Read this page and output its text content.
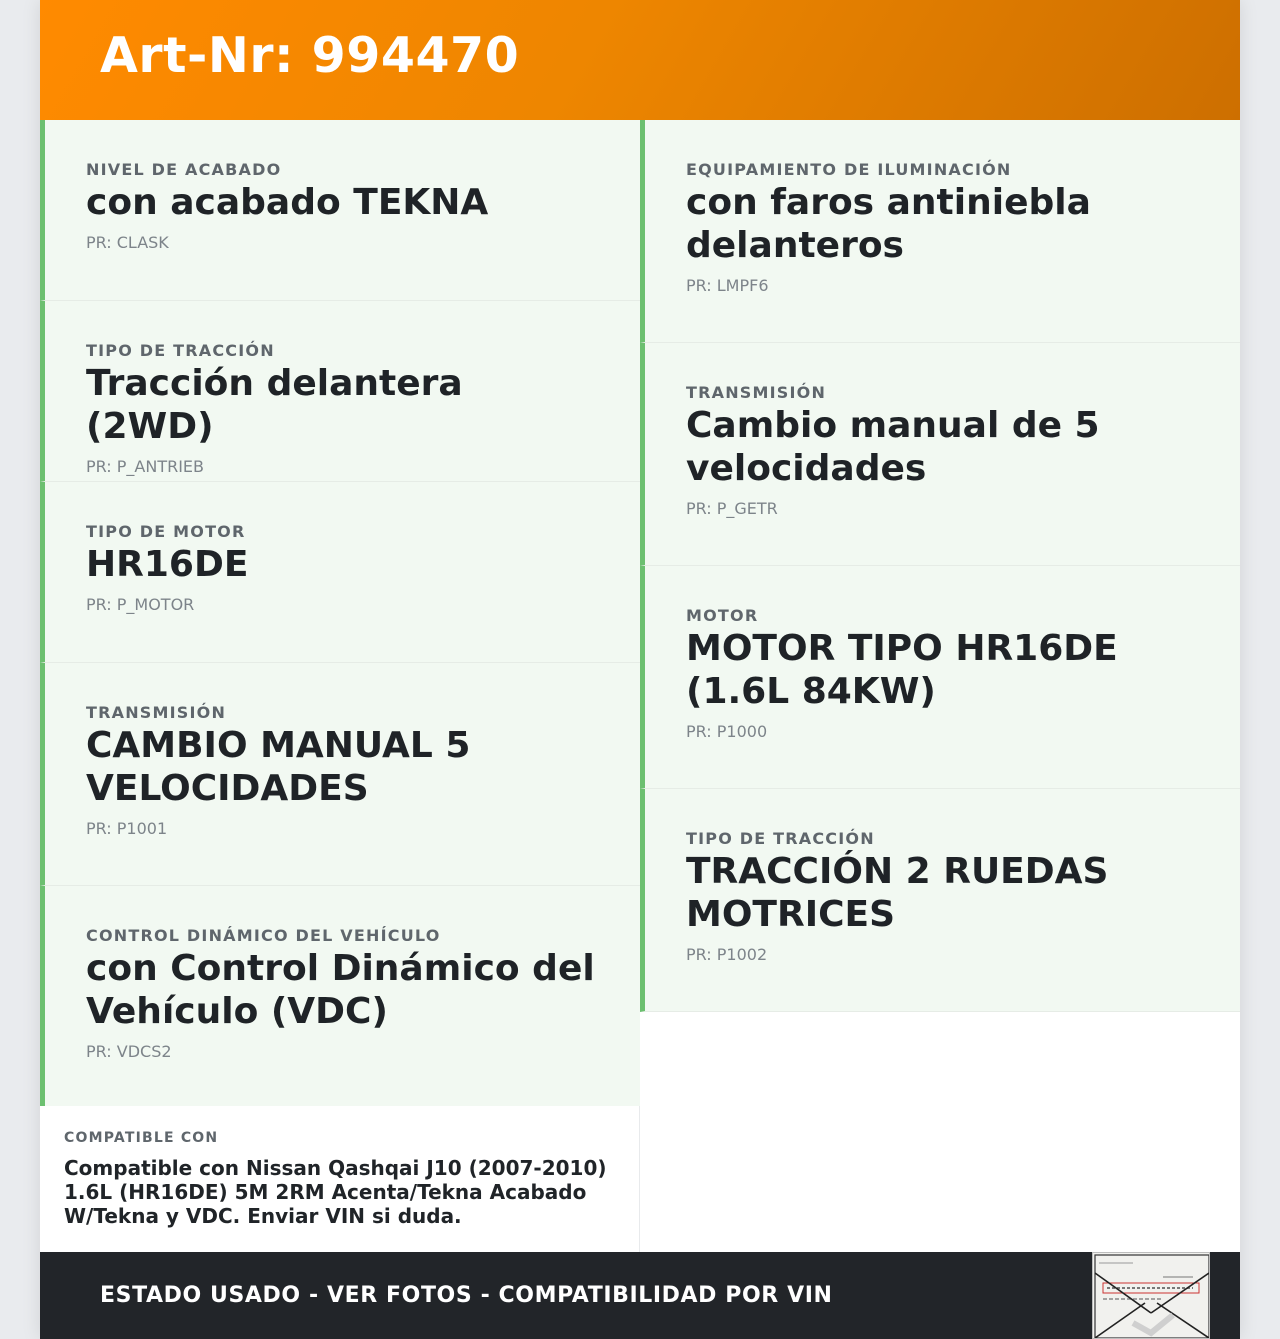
Art-Nr: 994470
NIVEL DE ACABADO
con acabado TEKNA
PR: CLASK
TIPO DE TRACCIÓN
Tracción delantera (2WD)
PR: P_ANTRIEB
TIPO DE MOTOR
HR16DE
PR: P_MOTOR
TRANSMISIÓN
CAMBIO MANUAL 5 VELOCIDADES
PR: P1001
CONTROL DINÁMICO DEL VEHÍCULO
con Control Dinámico del Vehículo (VDC)
PR: VDCS2
EQUIPAMIENTO DE ILUMINACIÓN
con faros antiniebla delanteros
PR: LMPF6
TRANSMISIÓN
Cambio manual de 5 velocidades
PR: P_GETR
MOTOR
MOTOR TIPO HR16DE (1.6L 84KW)
PR: P1000
TIPO DE TRACCIÓN
TRACCIÓN 2 RUEDAS MOTRICES
PR: P1002
COMPATIBLE CON
Compatible con Nissan Qashqai J10 (2007-2010) 1.6L (HR16DE) 5M 2RM Acenta/Tekna Acabado W/Tekna y VDC. Enviar VIN si duda.
ESTADO USADO - VER FOTOS - COMPATIBILIDAD POR VIN
